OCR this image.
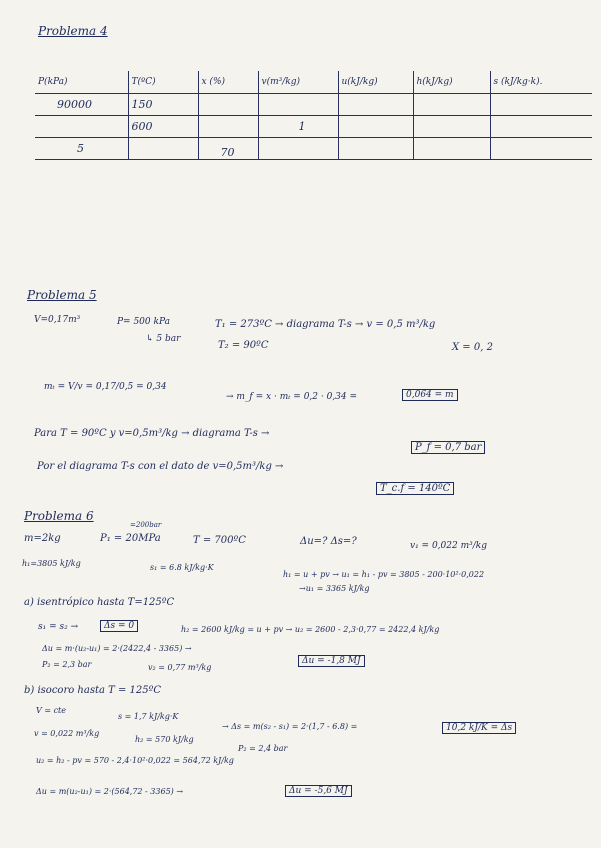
Problema 4
P(kPa)	T(ºC)	x (%)	v(m³/kg)	u(kJ/kg)	h(kJ/kg)	s (kJ/kg·k).
90000	150					
	600		1			
5		70				
Problema 5
V=0,17m³	P= 500 kPa	T₁ = 273ºC → diagrama T-s → v = 0,5 m³/kg
↳ 5 bar
T₂ = 90ºC	X = 0, 2
mₜ = V/v = 0,17/0,5 = 0,34
→ m_f = x · mₜ = 0,2 · 0,34 =	0,064 = m
Para T = 90ºC y v=0,5m³/kg → diagrama T-s →
P_f = 0,7 bar
Por el diagrama T-s con el dato de v=0,5m³/kg →
T_c.f = 140ºC
Problema 6
=200bar
m=2kg	P₁ = 20MPa	T = 700ºC	Δu=? Δs=?	v₁ = 0,022 m³/kg
h₁=3805 kJ/kg	s₁ = 6.8 kJ/kg·K
h₁ = u + pv → u₁ = h₁ - pv = 3805 - 200·10²·0,022
→u₁ = 3365 kJ/kg
a) isentrópico hasta T=125ºC
s₁ = s₂ →	Δs = 0	h₂ = 2600 kJ/kg = u + pv → u₂ = 2600 - 2,3·0,77 = 2422,4 kJ/kg
Δu = m·(u₂-u₁) = 2·(2422,4 - 3365) →
Δu = -1,8 MJ
P₂ = 2,3 bar	v₂ = 0,77 m³/kg
b) isocoro hasta T = 125ºC
V = cte
s = 1,7 kJ/kg·K
→ Δs = m(s₂ - s₁) = 2·(1,7 - 6.8) =	10,2 kJ/K = Δs
v = 0,022 m³/kg
h₂ = 570 kJ/kg
P₂ = 2,4 bar
u₂ = h₂ - pv = 570 - 2,4·10²·0,022 = 564,72 kJ/kg
Δu = m(u₂-u₁) = 2·(564,72 - 3365) →	Δu = -5,6 MJ
